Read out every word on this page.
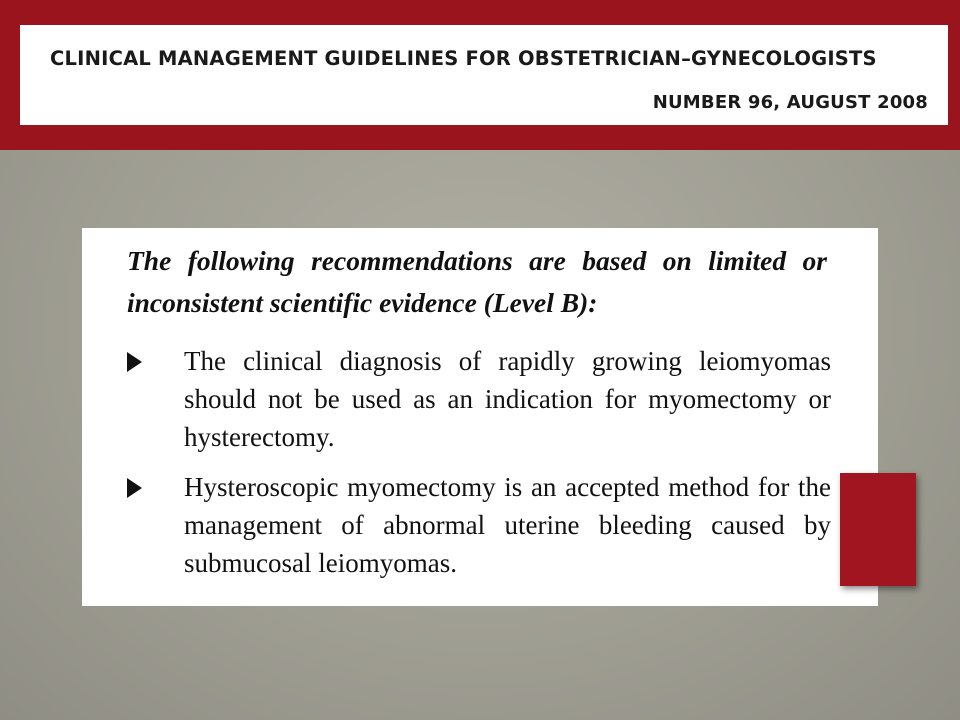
CLINICAL MANAGEMENT GUIDELINES FOR OBSTETRICIAN–GYNECOLOGISTS
NUMBER 96, AUGUST 2008
The following recommendations are based on limited or inconsistent scientific evidence (Level B):
The clinical diagnosis of rapidly growing leiomyomas should not be used as an indication for myomectomy or hysterectomy.
Hysteroscopic myomectomy is an accepted method for the management of abnormal uterine bleeding caused by submucosal leiomyomas.
